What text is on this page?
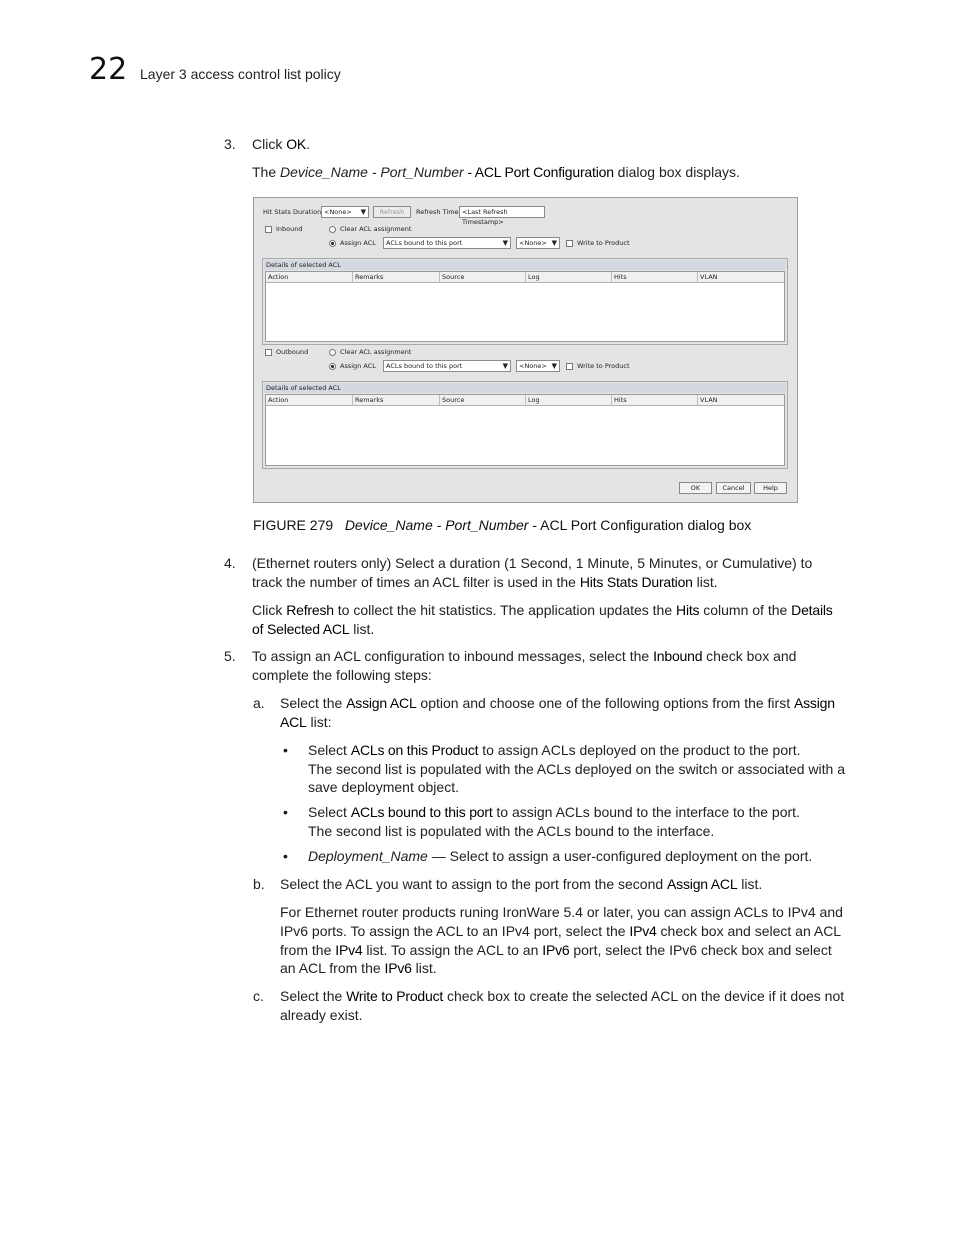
22 Layer 3 access control list policy
3. Click OK.
The Device_Name - Port_Number - ACL Port Configuration dialog box displays.
Hit Stats Duration <None> ▼	Refresh	Refresh Time <Last Refresh Timestamp>
Inbound	Clear ACL assignment
Assign ACL	ACLs bound to this port	▼	<None> ▼	Write to Product
Details of selected ACL
Action	Remarks	Source	Log	Hits	VLAN
Outbound	Clear ACL assignment
Assign ACL	ACLs bound to this port	▼	<None> ▼	Write to Product
Details of selected ACL
Action	Remarks	Source	Log	Hits	VLAN
OK	Cancel	Help
FIGURE 279 Device_Name - Port_Number - ACL Port Configuration dialog box
4. (Ethernet routers only) Select a duration (1 Second, 1 Minute, 5 Minutes, or Cumulative) to
track the number of times an ACL filter is used in the Hits Stats Duration list.
Click Refresh to collect the hit statistics. The application updates the Hits column of the Details
of Selected ACL list.
5. To assign an ACL configuration to inbound messages, select the Inbound check box and
complete the following steps:
a. Select the Assign ACL option and choose one of the following options from the first Assign
ACL list:
• Select ACLs on this Product to assign ACLs deployed on the product to the port.
The second list is populated with the ACLs deployed on the switch or associated with a
save deployment object.
• Select ACLs bound to this port to assign ACLs bound to the interface to the port.
The second list is populated with the ACLs bound to the interface.
• Deployment_Name — Select to assign a user-configured deployment on the port.
b. Select the ACL you want to assign to the port from the second Assign ACL list.
For Ethernet router products runing IronWare 5.4 or later, you can assign ACLs to IPv4 and
IPv6 ports. To assign the ACL to an IPv4 port, select the IPv4 check box and select an ACL
from the IPv4 list. To assign the ACL to an IPv6 port, select the IPv6 check box and select
an ACL from the IPv6 list.
c. Select the Write to Product check box to create the selected ACL on the device if it does not
already exist.
